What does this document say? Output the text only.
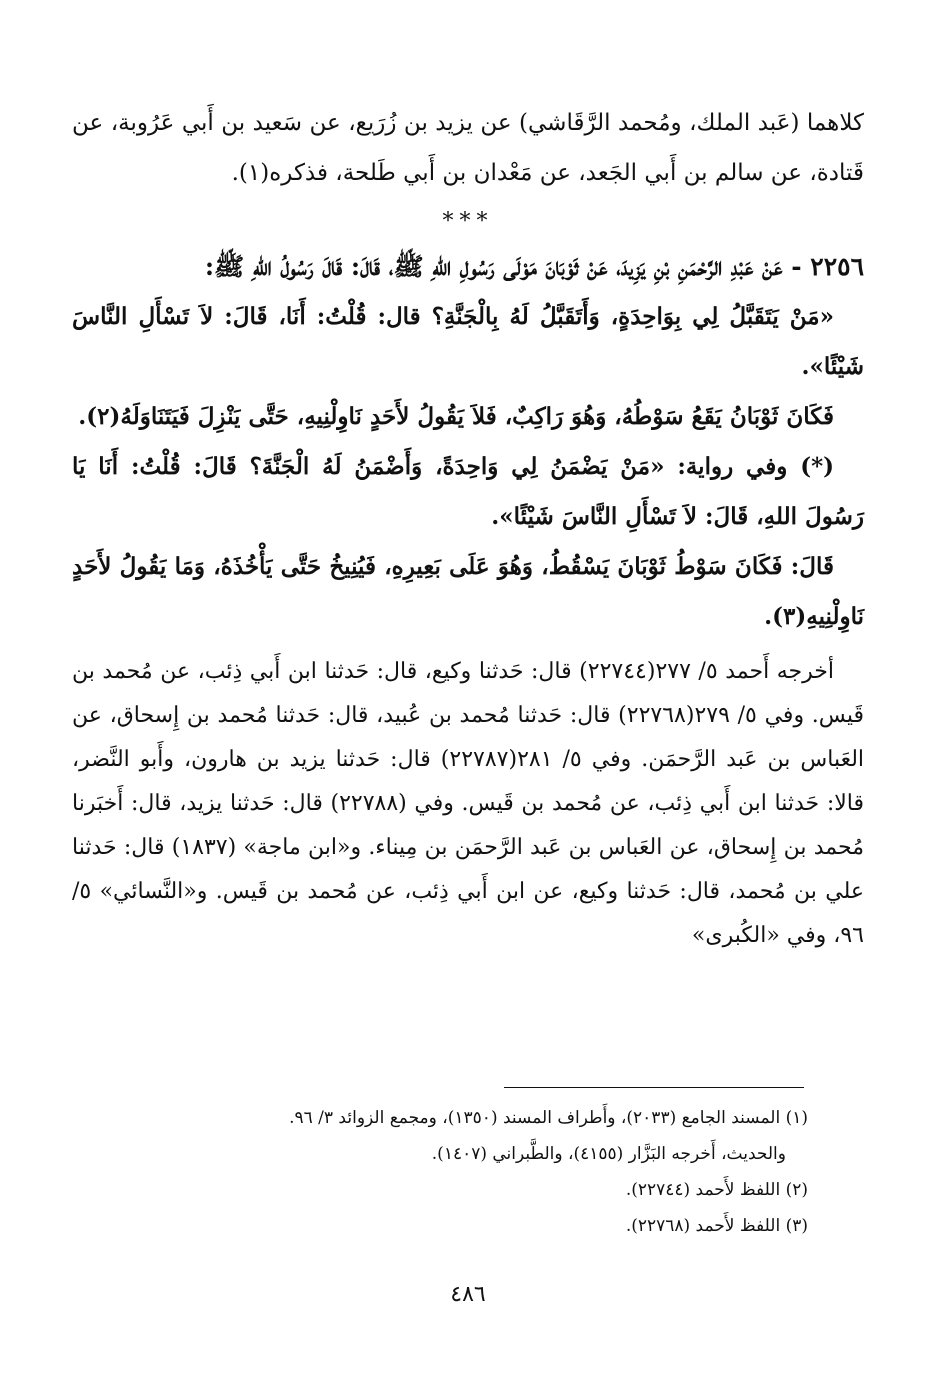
كلاهما (عَبد الملك، ومُحمد الرَّقَاشي) عن يزيد بن زُرَيع، عن سَعيد بن أَبي عَرُوبة، عن قَتادة، عن سالم بن أَبي الجَعد، عن مَعْدان بن أَبي طَلحة، فذكره(١).

***

٢٢٥٦ - عَنْ عَبْدِ الرَّحْمَنِ بْنِ يَزِيدَ، عَنْ ثَوْبَانَ مَوْلَى رَسُولِ اللهِ ﷺ، قَالَ: قَالَ رَسُولُ اللهِ ﷺ:

«مَنْ يَتَقَبَّلُ لِي بِوَاحِدَةٍ، وَأَتَقَبَّلُ لَهُ بِالْجَنَّةِ؟ قال: قُلْتُ: أَنَا، قَالَ: لاَ تَسْأَلِ النَّاسَ شَيْئًا».

فَكَانَ ثَوْبَانُ يَقَعُ سَوْطُهُ، وَهُوَ رَاكِبٌ، فَلاَ يَقُولُ لأَحَدٍ نَاوِلْنِيهِ، حَتَّى يَنْزِلَ فَيَتَنَاوَلَهُ(٢).

(*) وفي رواية: «مَنْ يَضْمَنُ لِي وَاحِدَةً، وَأَضْمَنُ لَهُ الْجَنَّةَ؟ قَالَ: قُلْتُ: أَنَا يَا رَسُولَ اللهِ، قَالَ: لاَ تَسْأَلِ النَّاسَ شَيْئًا».

قَالَ: فَكَانَ سَوْطُ ثَوْبَانَ يَسْقُطُ، وَهُوَ عَلَى بَعِيرِهِ، فَيُنِيخُ حَتَّى يَأْخُذَهُ، وَمَا يَقُولُ لأَحَدٍ نَاوِلْنِيهِ(٣).

أخرجه أَحمد ٥/ ٢٧٧(٢٢٧٤٤) قال: حَدثنا وكيع، قال: حَدثنا ابن أَبي ذِئب، عن مُحمد بن قَيس. وفي ٥/ ٢٧٩(٢٢٧٦٨) قال: حَدثنا مُحمد بن عُبيد، قال: حَدثنا مُحمد بن إِسحاق، عن العَباس بن عَبد الرَّحمَن. وفي ٥/ ٢٨١(٢٢٧٨٧) قال: حَدثنا يزيد بن هارون، وأَبو النَّضر، قالا: حَدثنا ابن أَبي ذِئب، عن مُحمد بن قَيس. وفي (٢٢٧٨٨) قال: حَدثنا يزيد، قال: أَخبَرنا مُحمد بن إِسحاق، عن العَباس بن عَبد الرَّحمَن بن مِيناء. و«ابن ماجة» (١٨٣٧) قال: حَدثنا علي بن مُحمد، قال: حَدثنا وكيع، عن ابن أَبي ذِئب، عن مُحمد بن قَيس. و«النَّسائي» ٥/ ٩٦، وفي «الكُبرى»

(١) المسند الجامع (٢٠٣٣)، وأَطراف المسند (١٣٥٠)، ومجمع الزوائد ٣/ ٩٦.

والحديث، أَخرجه البَزَّار (٤١٥٥)، والطَّبراني (١٤٠٧).

(٢) اللفظ لأَحمد (٢٢٧٤٤).

(٣) اللفظ لأَحمد (٢٢٧٦٨).

٤٨٦
